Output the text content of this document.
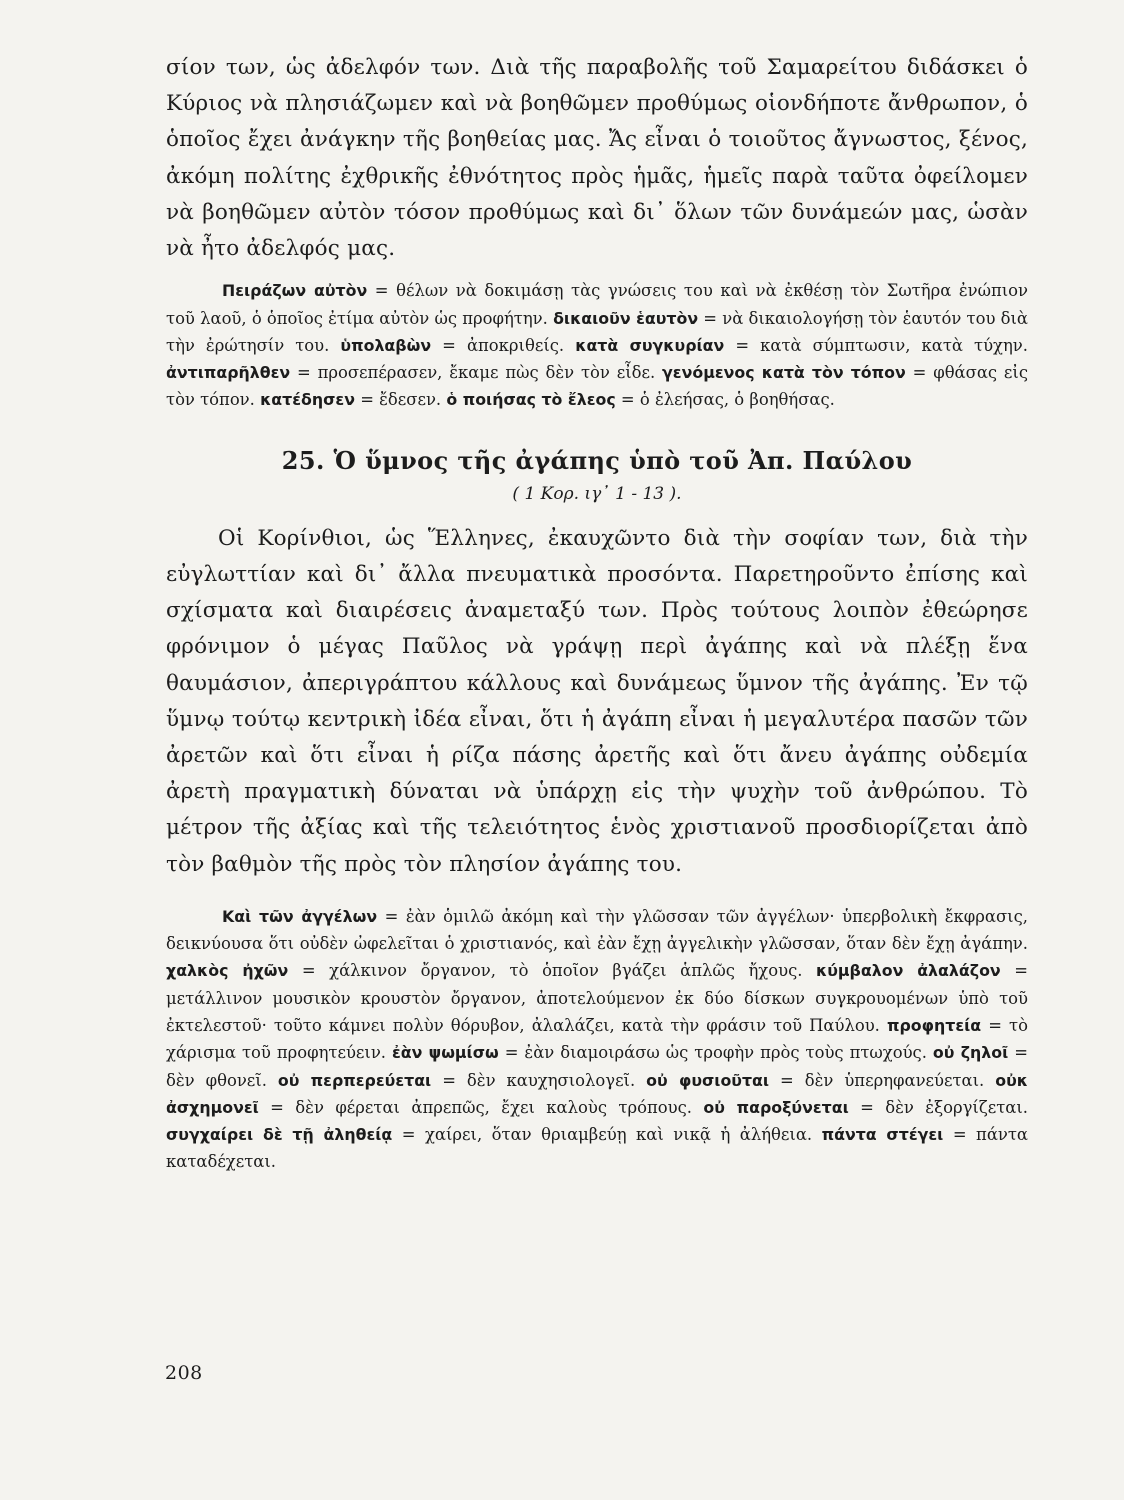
σίον των, ὡς ἀδελφόν των. Διὰ τῆς παραβολῆς τοῦ Σαμαρείτου διδάσκει ὁ Κύριος νὰ πλησιάζωμεν καὶ νὰ βοηθῶμεν προθύμως οἱονδήποτε ἄνθρωπον, ὁ ὁποῖος ἔχει ἀνάγκην τῆς βοηθείας μας. Ἄς εἶναι ὁ τοιοῦτος ἄγνωστος, ξένος, ἀκόμη πολίτης ἐχθρικῆς ἐθνότητος πρὸς ἡμᾶς, ἡμεῖς παρὰ ταῦτα ὀφείλομεν νὰ βοηθῶμεν αὐτὸν τόσον προθύμως καὶ δι᾽ ὅλων τῶν δυνάμεών μας, ὡσὰν νὰ ἦτο ἀδελφός μας.

Πειράζων αὐτὸν = θέλων νὰ δοκιμάσῃ τὰς γνώσεις του καὶ νὰ ἐκθέσῃ τὸν Σωτῆρα ἐνώπιον τοῦ λαοῦ, ὁ ὁποῖος ἐτίμα αὐτὸν ὡς προφήτην. δικαιοῦν ἑαυτὸν = νὰ δικαιολογήσῃ τὸν ἑαυτόν του διὰ τὴν ἐρώτησίν του. ὑπολαβὼν = ἀποκριθείς. κατὰ συγκυρίαν = κατὰ σύμπτωσιν, κατὰ τύχην. ἀντιπαρῆλθεν = προσεπέρασεν, ἔκαμε πὼς δὲν τὸν εἶδε. γενόμενος κατὰ τὸν τόπον = φθάσας εἰς τὸν τόπον. κατέδησεν = ἔδεσεν. ὁ ποιήσας τὸ ἔλεος = ὁ ἐλεήσας, ὁ βοηθήσας.

25. Ὁ ὕμνος τῆς ἀγάπης ὑπὸ τοῦ Ἀπ. Παύλου
( 1 Κορ. ιγ᾽ 1 - 13 ).

Οἱ Κορίνθιοι, ὡς Ἕλληνες, ἐκαυχῶντο διὰ τὴν σοφίαν των, διὰ τὴν εὐγλωττίαν καὶ δι᾽ ἄλλα πνευματικὰ προσόντα. Παρετηροῦντο ἐπίσης καὶ σχίσματα καὶ διαιρέσεις ἀναμεταξύ των. Πρὸς τούτους λοιπὸν ἐθεώρησε φρόνιμον ὁ μέγας Παῦλος νὰ γράψῃ περὶ ἀγάπης καὶ νὰ πλέξῃ ἕνα θαυμάσιον, ἀπεριγράπτου κάλλους καὶ δυνάμεως ὕμνον τῆς ἀγάπης. Ἐν τῷ ὕμνῳ τούτῳ κεντρικὴ ἰδέα εἶναι, ὅτι ἡ ἀγάπη εἶναι ἡ μεγαλυτέρα πασῶν τῶν ἀρετῶν καὶ ὅτι εἶναι ἡ ρίζα πάσης ἀρετῆς καὶ ὅτι ἄνευ ἀγάπης οὐδεμία ἀρετὴ πραγματικὴ δύναται νὰ ὑπάρχῃ εἰς τὴν ψυχὴν τοῦ ἀνθρώπου. Τὸ μέτρον τῆς ἀξίας καὶ τῆς τελειότητος ἑνὸς χριστιανοῦ προσδιορίζεται ἀπὸ τὸν βαθμὸν τῆς πρὸς τὸν πλησίον ἀγάπης του.

Καὶ τῶν ἀγγέλων = ἐὰν ὁμιλῶ ἀκόμη καὶ τὴν γλῶσσαν τῶν ἀγγέλων· ὑπερβολικὴ ἔκφρασις, δεικνύουσα ὅτι οὐδὲν ὠφελεῖται ὁ χριστιανός, καὶ ἐὰν ἔχῃ ἀγγελικὴν γλῶσσαν, ὅταν δὲν ἔχῃ ἀγάπην. χαλκὸς ἠχῶν = χάλκινον ὄργανον, τὸ ὁποῖον βγάζει ἁπλῶς ἤχους. κύμβαλον ἀλαλάζον = μετάλλινον μουσικὸν κρουστὸν ὄργανον, ἀποτελούμενον ἐκ δύο δίσκων συγκρουομένων ὑπὸ τοῦ ἐκτελεστοῦ· τοῦτο κάμνει πολὺν θόρυβον, ἀλαλάζει, κατὰ τὴν φράσιν τοῦ Παύλου. προφητεία = τὸ χάρισμα τοῦ προφητεύειν. ἐὰν ψωμίσω = ἐὰν διαμοιράσω ὡς τροφὴν πρὸς τοὺς πτωχούς. οὐ ζηλοῖ = δὲν φθονεῖ. οὐ περπερεύεται = δὲν καυχησιολογεῖ. οὐ φυσιοῦται = δὲν ὑπερηφανεύεται. οὐκ ἀσχημονεῖ = δὲν φέρεται ἀπρεπῶς, ἔχει καλοὺς τρόπους. οὐ παροξύνεται = δὲν ἐξοργίζεται. συγχαίρει δὲ τῇ ἀληθείᾳ = χαίρει, ὅταν θριαμβεύῃ καὶ νικᾷ ἡ ἀλήθεια. πάντα στέγει = πάντα καταδέχεται.

208
